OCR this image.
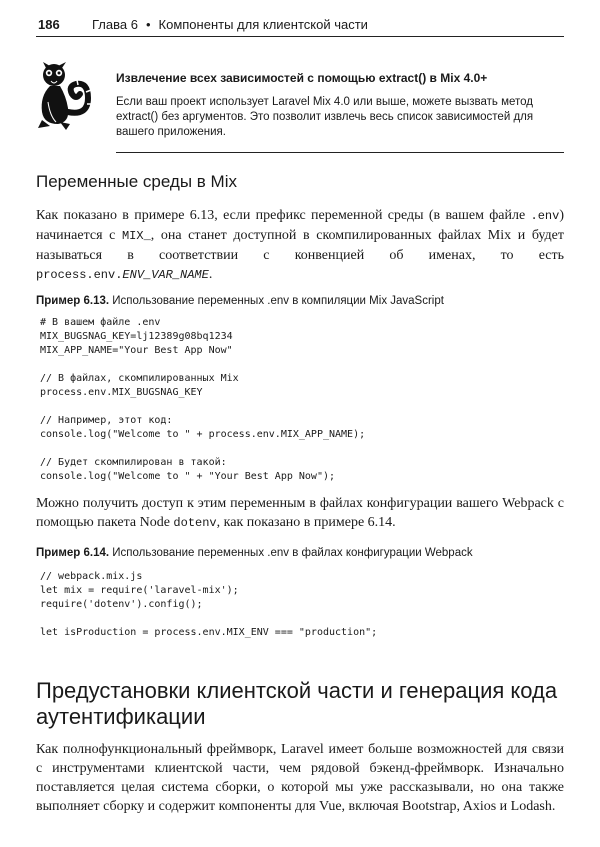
186 Глава 6 • Компоненты для клиентской части
Извлечение всех зависимостей с помощью extract() в Mix 4.0+
Если ваш проект использует Laravel Mix 4.0 или выше, можете вызвать метод extract() без аргументов. Это позволит извлечь весь список зависимостей для вашего приложения.
Переменные среды в Mix
Как показано в примере 6.13, если префикс переменной среды (в вашем файле .env) начинается с MIX_, она станет доступной в скомпилированных файлах Mix и будет называться в соответствии с конвенцией об именах, то есть process.env.ENV_VAR_NAME.
Пример 6.13. Использование переменных .env в компиляции Mix JavaScript
# В вашем файле .env
MIX_BUGSNAG_KEY=lj12389g08bq1234
MIX_APP_NAME="Your Best App Now"

// В файлах, скомпилированных Mix
process.env.MIX_BUGSNAG_KEY

// Например, этот код:
console.log("Welcome to " + process.env.MIX_APP_NAME);

// Будет скомпилирован в такой:
console.log("Welcome to " + "Your Best App Now");
Можно получить доступ к этим переменным в файлах конфигурации вашего Webpack с помощью пакета Node dotenv, как показано в примере 6.14.
Пример 6.14. Использование переменных .env в файлах конфигурации Webpack
// webpack.mix.js
let mix = require('laravel-mix');
require('dotenv').config();

let isProduction = process.env.MIX_ENV === "production";
Предустановки клиентской части и генерация кода аутентификации
Как полнофункциональный фреймворк, Laravel имеет больше возможностей для связи с инструментами клиентской части, чем рядовой бэкенд-фреймворк. Изначально поставляется целая система сборки, о которой мы уже рассказывали, но она также выполняет сборку и содержит компоненты для Vue, включая Bootstrap, Axios и Lodash.
